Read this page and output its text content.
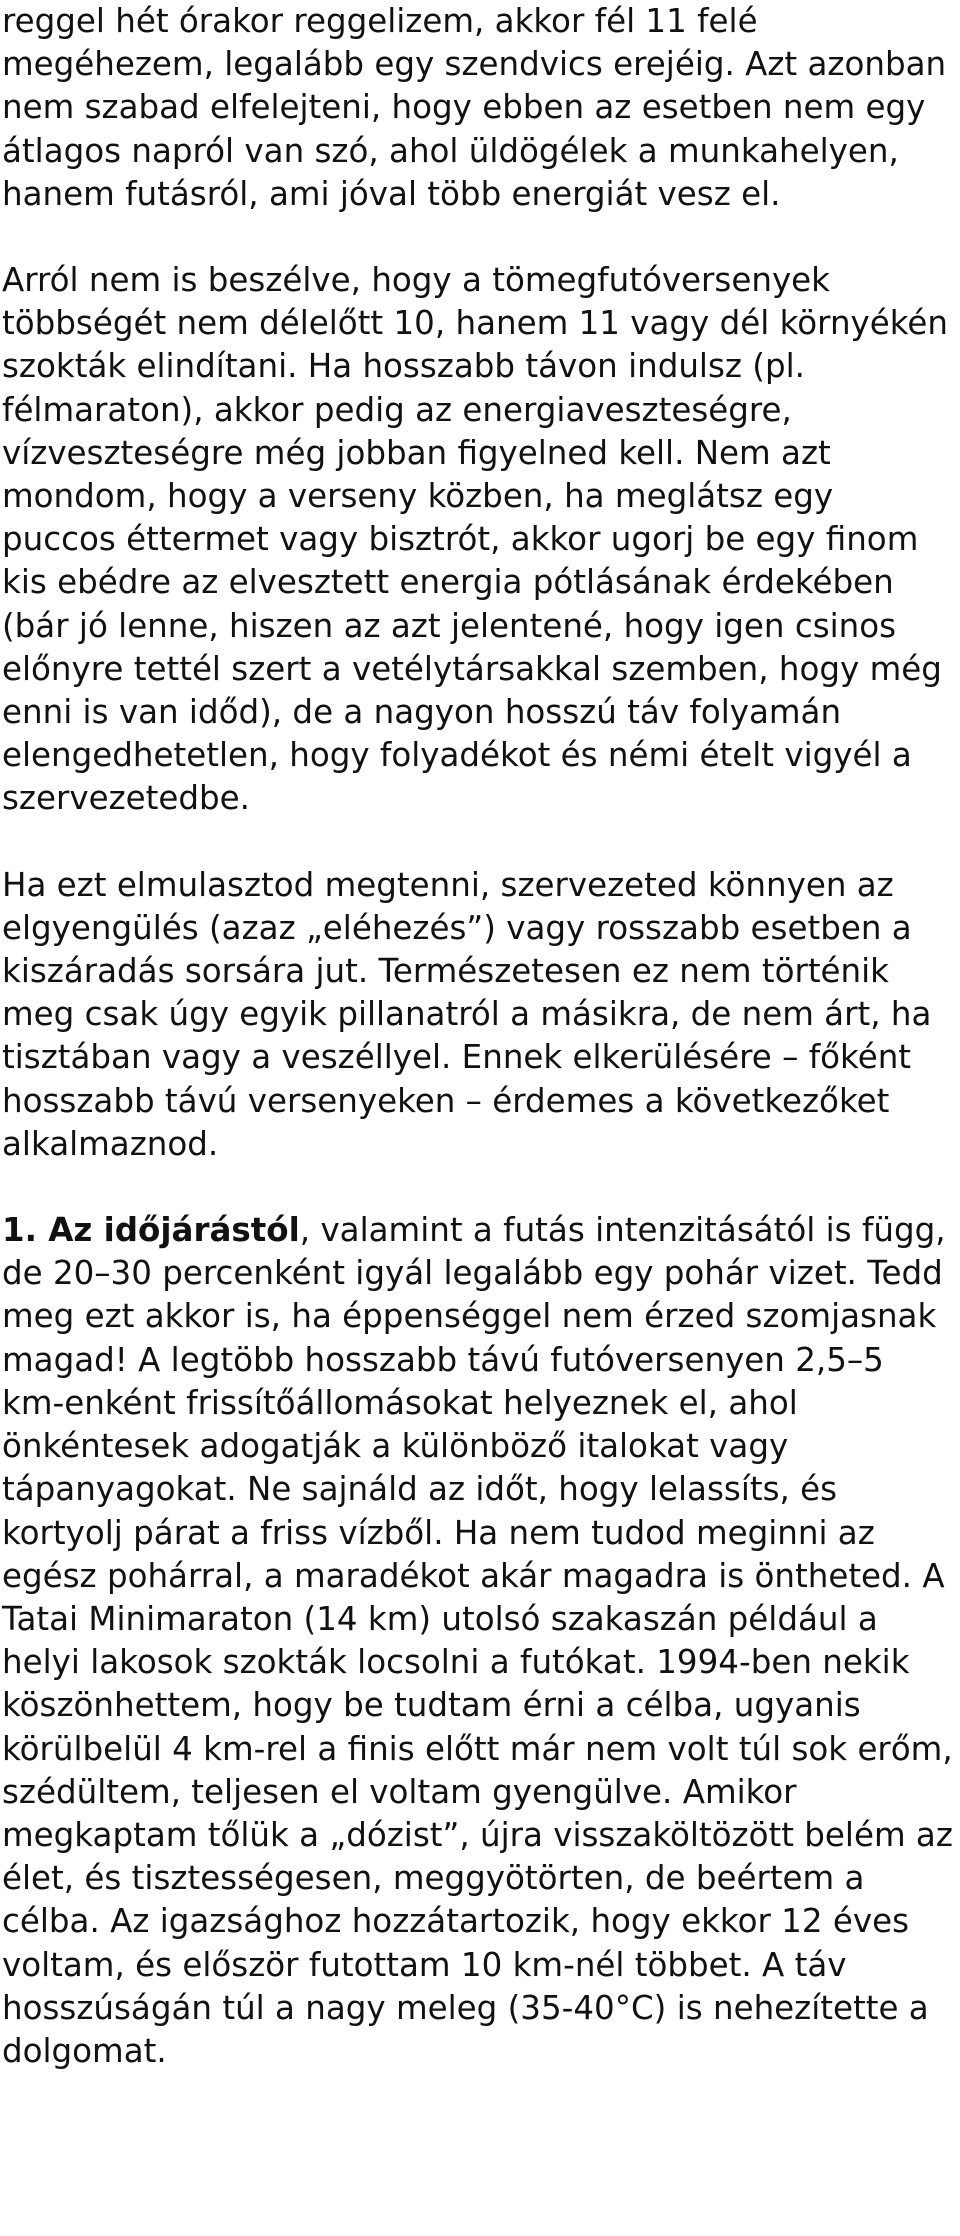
reggel hét órakor reggelizem, akkor fél 11 felé megéhezem, legalább egy szendvics erejéig. Azt azonban nem szabad elfelejteni, hogy ebben az esetben nem egy átlagos napról van szó, ahol üldögélek a munkahelyen, hanem futásról, ami jóval több energiát vesz el.

Arról nem is beszélve, hogy a tömegfutóversenyek többségét nem délelőtt 10, hanem 11 vagy dél környékén szokták elindítani. Ha hosszabb távon indulsz (pl. félmaraton), akkor pedig az energiaveszteségre, vízveszteségre még jobban figyelned kell. Nem azt mondom, hogy a verseny közben, ha meglátsz egy puccos éttermet vagy bisztrót, akkor ugorj be egy finom kis ebédre az elvesztett energia pótlásának érdekében (bár jó lenne, hiszen az azt jelentené, hogy igen csinos előnyre tettél szert a vetélytársakkal szemben, hogy még enni is van időd), de a nagyon hosszú táv folyamán elengedhetetlen, hogy folyadékot és némi ételt vigyél a szervezetedbe.

Ha ezt elmulasztod megtenni, szervezeted könnyen az elgyengülés (azaz „eléhezés”) vagy rosszabb esetben a kiszáradás sorsára jut. Természetesen ez nem történik meg csak úgy egyik pillanatról a másikra, de nem árt, ha tisztában vagy a veszéllyel. Ennek elkerülésére – főként hosszabb távú versenyeken – érdemes a következőket alkalmaznod.

1. Az időjárástól, valamint a futás intenzitásától is függ, de 20–30 percenként igyál legalább egy pohár vizet. Tedd meg ezt akkor is, ha éppenséggel nem érzed szomjasnak magad! A legtöbb hosszabb távú futóversenyen 2,5–5 km-enként frissítőállomásokat helyeznek el, ahol önkéntesek adogatják a különböző italokat vagy tápanyagokat. Ne sajnáld az időt, hogy lelassíts, és kortyolj párat a friss vízből. Ha nem tudod meginni az egész pohárral, a maradékot akár magadra is öntheted. A Tatai Minimaraton (14 km) utolsó szakaszán például a helyi lakosok szokták locsolni a futókat. 1994-ben nekik köszönhettem, hogy be tudtam érni a célba, ugyanis körülbelül 4 km-rel a finis előtt már nem volt túl sok erőm, szédültem, teljesen el voltam gyengülve. Amikor megkaptam tőlük a „dózist”, újra visszaköltözött belém az élet, és tisztességesen, meggyötörten, de beértem a célba. Az igazsághoz hozzátartozik, hogy ekkor 12 éves voltam, és először futottam 10 km-nél többet. A táv hosszúságán túl a nagy meleg (35-40°C) is nehezítette a dolgomat.
